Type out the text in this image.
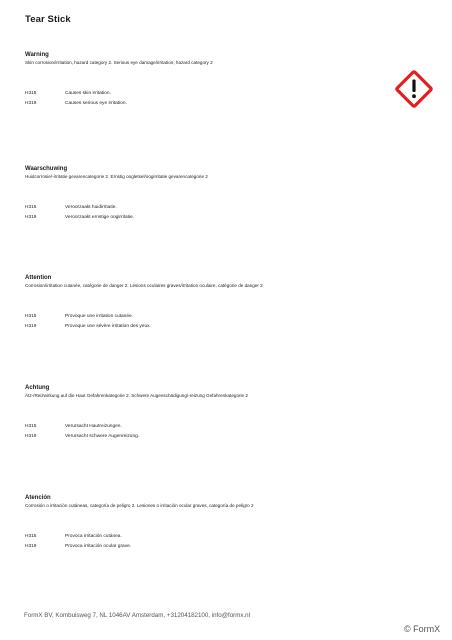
Tear Stick
Warning
Skin corrosion/irritation, hazard category 2. Serious eye damage/irritation, hazard category 2
H315	Causes skin irritation.
H319	Causes serious eye irritation.
Waarschuwing
Huidcorrosie/-irritatie gevarencategorie 2. Ernstig oogletsel/oogirritatie gevarencategorie 2
H315	Veroorzaakt huidirritatie.
H319	Veroorzaakt ernstige oogirritatie.
Attention
Corrosion/irritation cutanée, catégorie de danger 2. Lésions oculaires graves/irritation oculaire, catégorie de danger 2
H315	Provoque une irritation cutanée.
H319	Provoque une sévère irritation des yeux.
Achtung
Ätz-/Reizwirkung auf die Haut Gefahrenkategorie 2. Schwere Augenschädigung/-reizung Gefahrenkategorie 2
H315	Verursacht Hautreizungen.
H319	Verursacht schwere Augenreizung.
Atención
Corrosión o irritación cutáneas, categoría de peligro 2. Lesiones o irritación ocular graves, categoría de peligro 2
H315	Provoca irritación cutánea.
H319	Provoca irritación ocular grave.
FormX BV, Kombuisweg 7, NL 1046AV Amsterdam, +31204182100, info@formx.nl
© FormX
